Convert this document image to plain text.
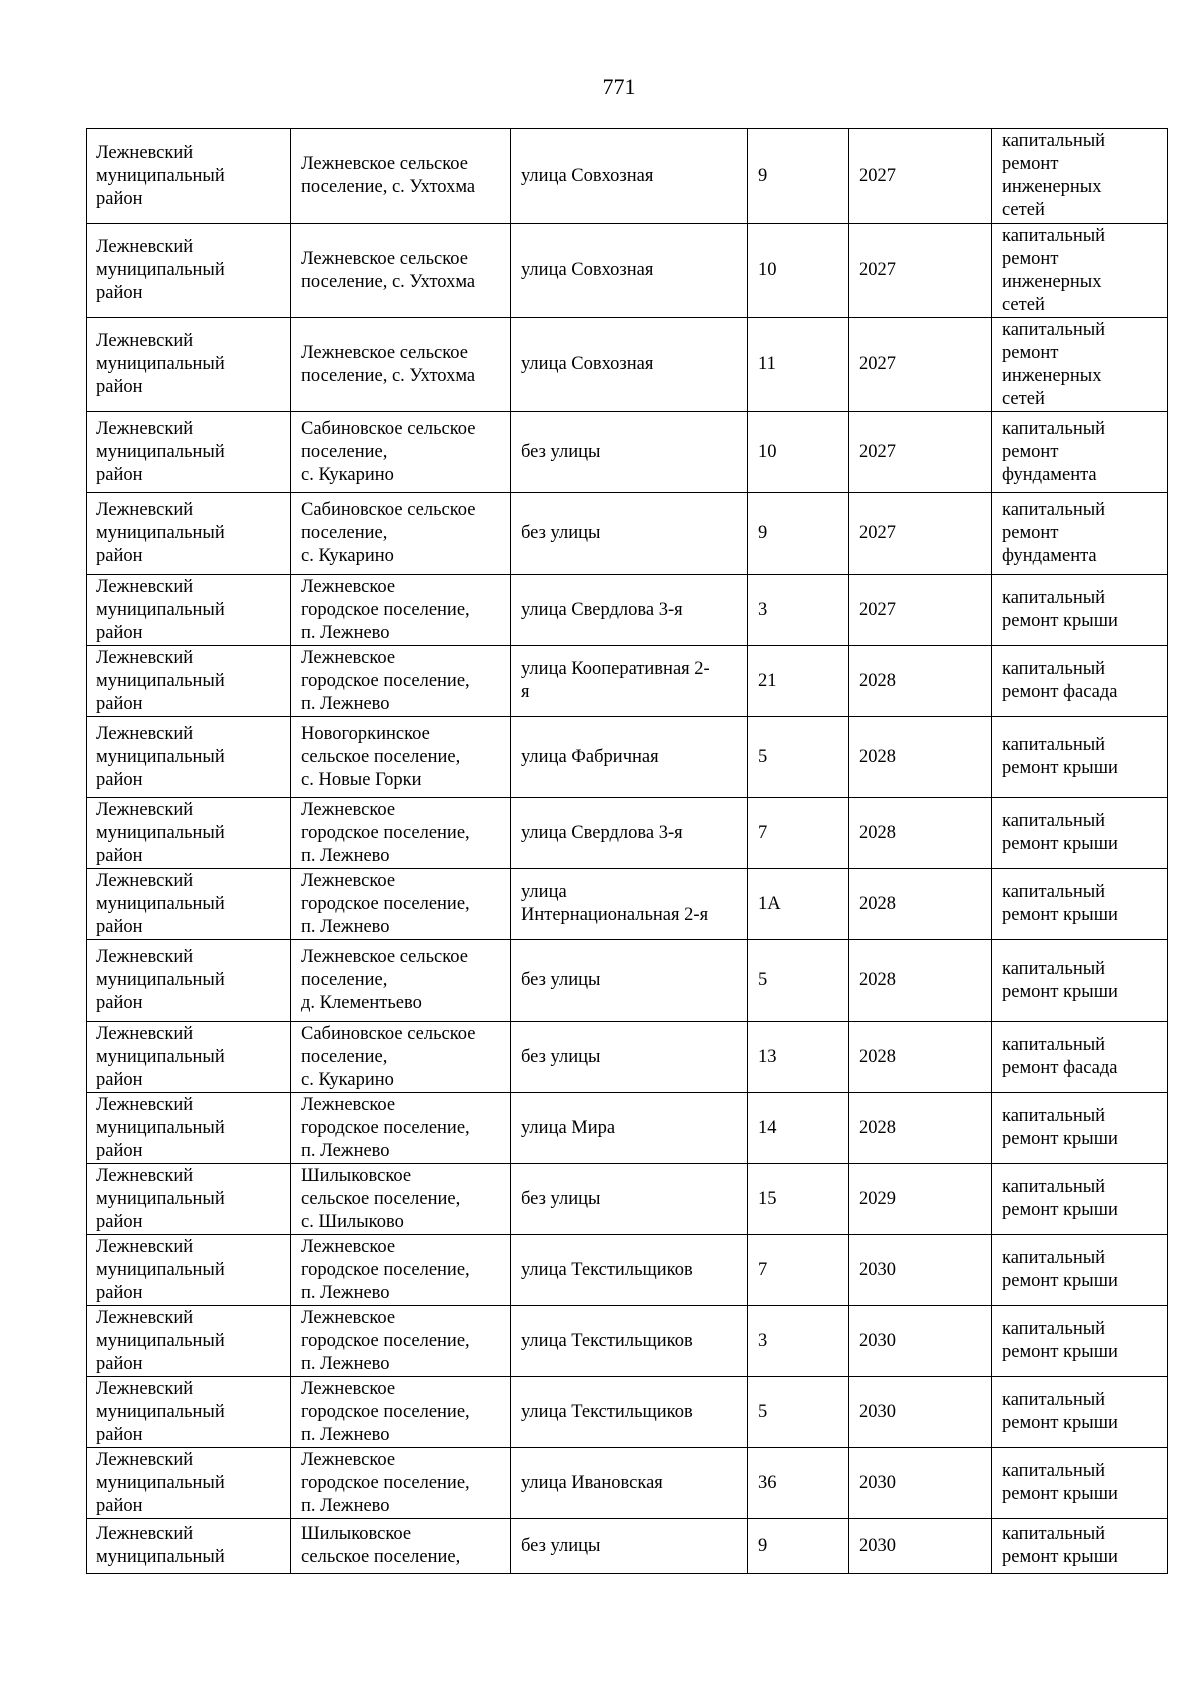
771
Лежневский
муниципальный
район	Лежневское сельское
поселение, с. Ухтохма	улица Совхозная	9	2027	капитальный
ремонт
инженерных
сетей
Лежневский
муниципальный
район	Лежневское сельское
поселение, с. Ухтохма	улица Совхозная	10	2027	капитальный
ремонт
инженерных
сетей
Лежневский
муниципальный
район	Лежневское сельское
поселение, с. Ухтохма	улица Совхозная	11	2027	капитальный
ремонт
инженерных
сетей
Лежневский
муниципальный
район	Сабиновское сельское
поселение,
с. Кукарино	без улицы	10	2027	капитальный
ремонт
фундамента
Лежневский
муниципальный
район	Сабиновское сельское
поселение,
с. Кукарино	без улицы	9	2027	капитальный
ремонт
фундамента
Лежневский
муниципальный
район	Лежневское
городское поселение,
п. Лежнево	улица Свердлова 3-я	3	2027	капитальный
ремонт крыши
Лежневский
муниципальный
район	Лежневское
городское поселение,
п. Лежнево	улица Кооперативная 2-
я	21	2028	капитальный
ремонт фасада
Лежневский
муниципальный
район	Новогоркинское
сельское поселение,
с. Новые Горки	улица Фабричная	5	2028	капитальный
ремонт крыши
Лежневский
муниципальный
район	Лежневское
городское поселение,
п. Лежнево	улица Свердлова 3-я	7	2028	капитальный
ремонт крыши
Лежневский
муниципальный
район	Лежневское
городское поселение,
п. Лежнево	улица
Интернациональная 2-я	1А	2028	капитальный
ремонт крыши
Лежневский
муниципальный
район	Лежневское сельское
поселение,
д. Клементьево	без улицы	5	2028	капитальный
ремонт крыши
Лежневский
муниципальный
район	Сабиновское сельское
поселение,
с. Кукарино	без улицы	13	2028	капитальный
ремонт фасада
Лежневский
муниципальный
район	Лежневское
городское поселение,
п. Лежнево	улица Мира	14	2028	капитальный
ремонт крыши
Лежневский
муниципальный
район	Шилыковское
сельское поселение,
с. Шилыково	без улицы	15	2029	капитальный
ремонт крыши
Лежневский
муниципальный
район	Лежневское
городское поселение,
п. Лежнево	улица Текстильщиков	7	2030	капитальный
ремонт крыши
Лежневский
муниципальный
район	Лежневское
городское поселение,
п. Лежнево	улица Текстильщиков	3	2030	капитальный
ремонт крыши
Лежневский
муниципальный
район	Лежневское
городское поселение,
п. Лежнево	улица Текстильщиков	5	2030	капитальный
ремонт крыши
Лежневский
муниципальный
район	Лежневское
городское поселение,
п. Лежнево	улица Ивановская	36	2030	капитальный
ремонт крыши
Лежневский
муниципальный	Шилыковское
сельское поселение,	без улицы	9	2030	капитальный
ремонт крыши
